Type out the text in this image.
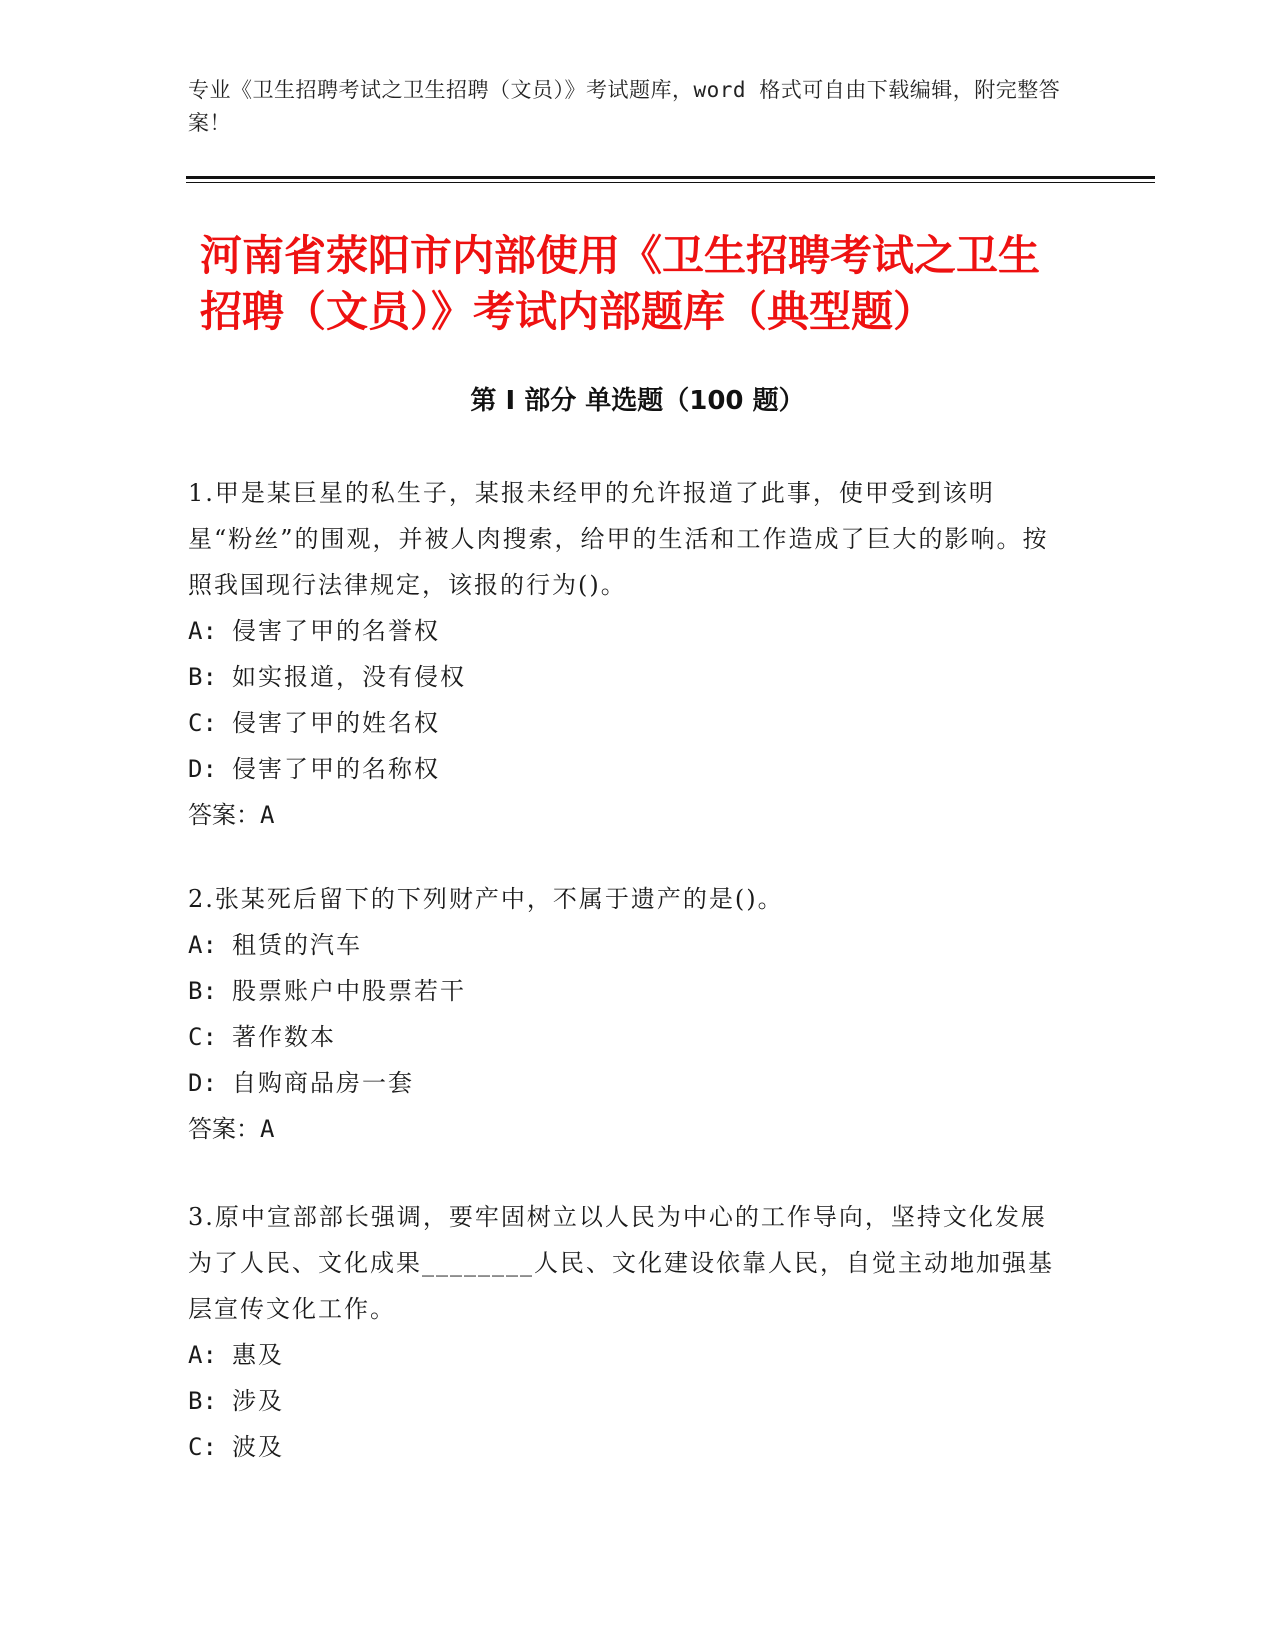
专业《卫生招聘考试之卫生招聘（文员）》考试题库，word 格式可自由下载编辑，附完整答案！
河南省荥阳市内部使用《卫生招聘考试之卫生招聘（文员）》考试内部题库（典型题）
第 I 部分 单选题（100 题）

1.甲是某巨星的私生子，某报未经甲的允许报道了此事，使甲受到该明星“粉丝”的围观，并被人肉搜索，给甲的生活和工作造成了巨大的影响。按照我国现行法律规定，该报的行为()。

A: 侵害了甲的名誉权

B: 如实报道，没有侵权

C: 侵害了甲的姓名权

D: 侵害了甲的名称权

答案：A

2.张某死后留下的下列财产中，不属于遗产的是()。

A: 租赁的汽车

B: 股票账户中股票若干

C: 著作数本

D: 自购商品房一套

答案：A

3.原中宣部部长强调，要牢固树立以人民为中心的工作导向，坚持文化发展为了人民、文化成果________人民、文化建设依靠人民，自觉主动地加强基层宣传文化工作。

A: 惠及

B: 涉及

C: 波及
